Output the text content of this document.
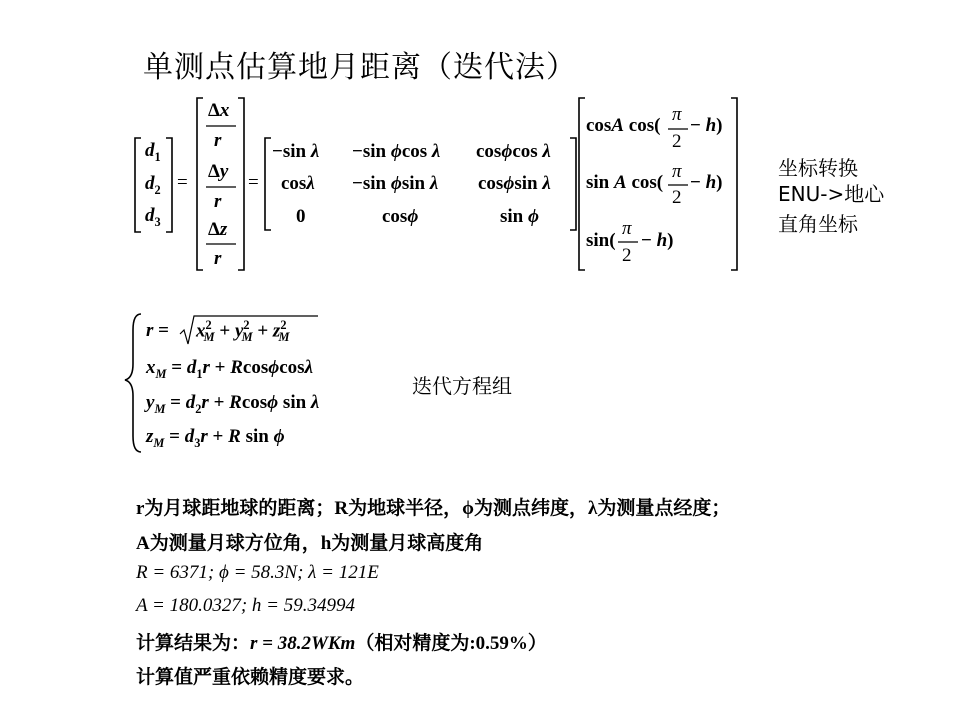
单测点估算地月距离（迭代法）
$d_1$
$d_2$
$d_3$
=
Δx
r
Δy
r
Δz
r
=
−sin λ −sin ϕcos λ cosϕcos λ
cosλ −sin ϕsin λ cosϕsin λ
0	cosϕ	sin ϕ
cosA cos(
π
2
− h)
sin A cos(
π
2
− h)
sin(
π
2
− h)
坐标转换
ENU->地心
直角坐标
$r = x^2_M + y^2_M + z^2_M$
$x_M = d_1r + Rcos\phi\cos\lambda$
$y_M = d_2r + Rcos\phi$ sin λ
$z_M = d_3r + R$ sin ϕ
迭代方程组
r为月球距地球的距离；R为地球半径，ϕ为测点纬度，λ为测量点经度；
A为测量月球方位角，h为测量月球高度角
R = 6371; ϕ = 58.3N; λ = 121E
A = 180.0327; h = 59.34994
计算结果为：r = 38.2WKm（相对精度为:0.59%）
计算值严重依赖精度要求。
